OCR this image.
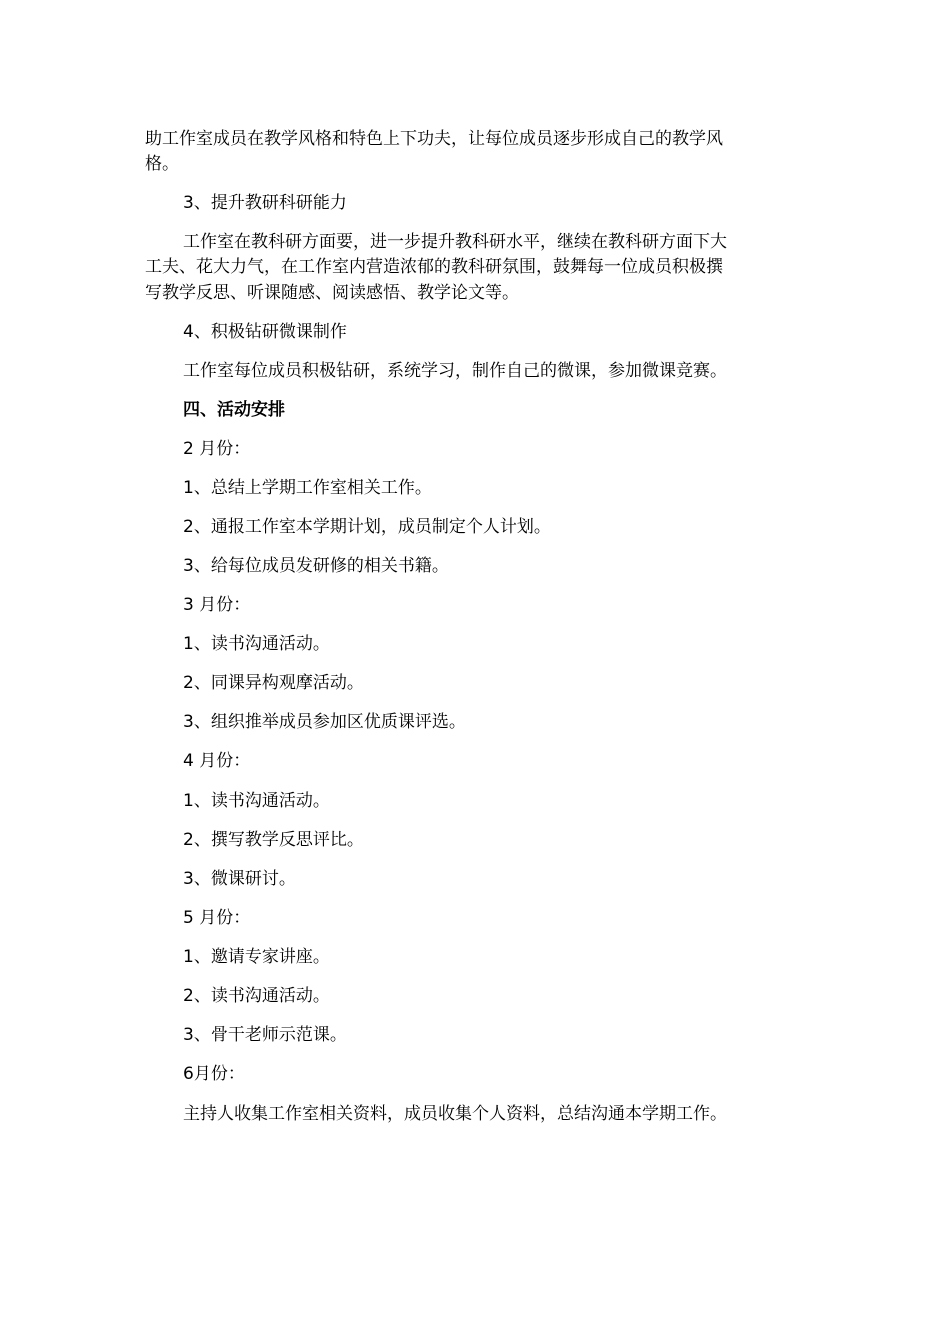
助工作室成员在教学风格和特色上下功夫，让每位成员逐步形成自己的教学风
格。
3、提升教研科研能力
工作室在教科研方面要，进一步提升教科研水平，继续在教科研方面下大
工夫、花大力气，在工作室内营造浓郁的教科研氛围，鼓舞每一位成员积极撰
写教学反思、听课随感、阅读感悟、教学论文等。
4、积极钻研微课制作
工作室每位成员积极钻研，系统学习，制作自己的微课，参加微课竞赛。
四、活动安排
2 月份：
1、总结上学期工作室相关工作。
2、通报工作室本学期计划，成员制定个人计划。
3、给每位成员发研修的相关书籍。
3 月份：
1、读书沟通活动。
2、同课异构观摩活动。
3、组织推举成员参加区优质课评选。
4 月份：
1、读书沟通活动。
2、撰写教学反思评比。
3、微课研讨。
5 月份：
1、邀请专家讲座。
2、读书沟通活动。
3、骨干老师示范课。
6月份：
主持人收集工作室相关资料，成员收集个人资料，总结沟通本学期工作。
